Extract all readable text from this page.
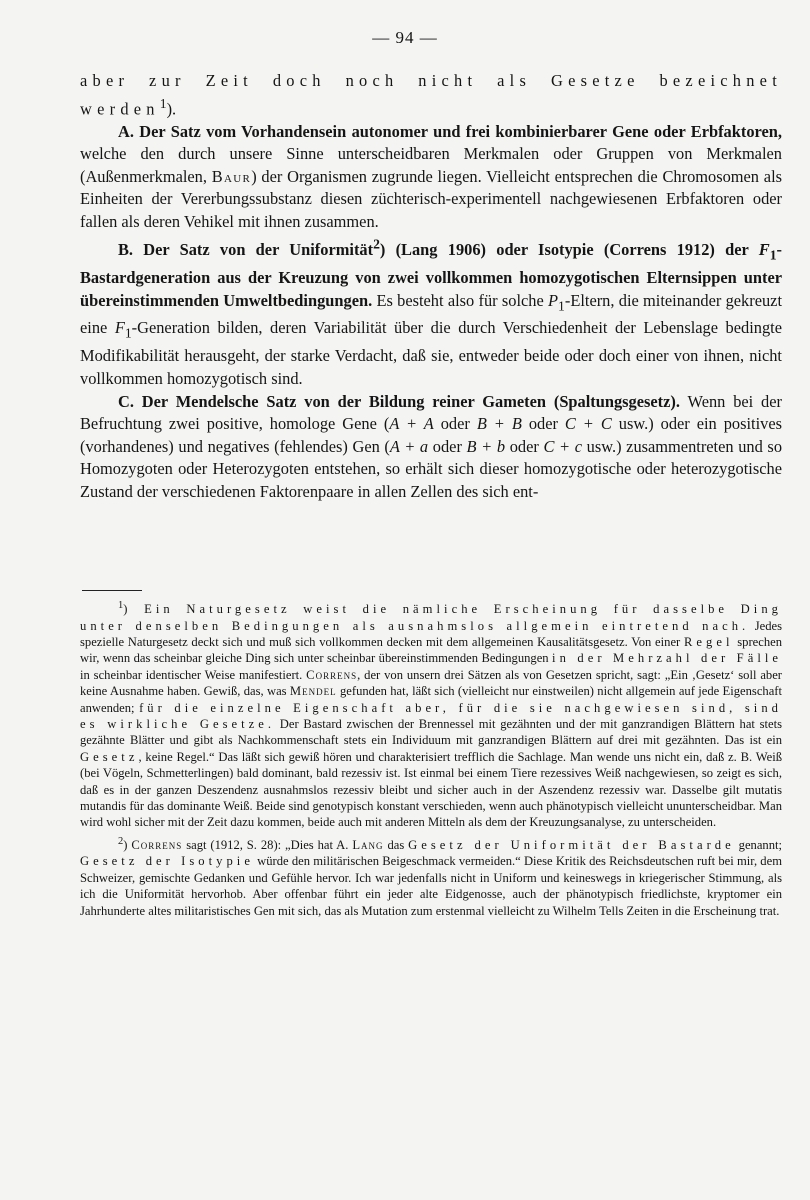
— 94 —

aber zur Zeit doch noch nicht als Gesetze bezeichnet werden$^1$).

A. Der Satz vom Vorhandensein autonomer und frei kombinierbarer Gene oder Erbfaktoren, welche den durch unsere Sinne unterscheidbaren Merkmalen oder Gruppen von Merkmalen (Außenmerkmalen, Baur) der Organismen zugrunde liegen. Vielleicht entsprechen die Chromosomen als Einheiten der Vererbungssubstanz diesen züchterisch-experimentell nachgewiesenen Erbfaktoren oder fallen als deren Vehikel mit ihnen zusammen.

B. Der Satz von der Uniformität$^2$) (Lang 1906) oder Isotypie (Correns 1912) der $F_1$-Bastardgeneration aus der Kreuzung von zwei vollkommen homozygotischen Elternsippen unter übereinstimmenden Umweltbedingungen. Es besteht also für solche $P_1$-Eltern, die miteinander gekreuzt eine $F_1$-Generation bilden, deren Variabilität über die durch Verschiedenheit der Lebenslage bedingte Modifikabilität herausgeht, der starke Verdacht, daß sie, entweder beide oder doch einer von ihnen, nicht vollkommen homozygotisch sind.

C. Der Mendelsche Satz von der Bildung reiner Gameten (Spaltungsgesetz). Wenn bei der Befruchtung zwei positive, homologe Gene (A + A oder B + B oder C + C usw.) oder ein positives (vorhandenes) und negatives (fehlendes) Gen (A + a oder B + b oder C + c usw.) zusammentreten und so Homozygoten oder Heterozygoten entstehen, so erhält sich dieser homozygotische oder heterozygotische Zustand der verschiedenen Faktorenpaare in allen Zellen des sich ent-

$^1$) Ein Naturgesetz weist die nämliche Erscheinung für dasselbe Ding unter denselben Bedingungen als ausnahmslos allgemein eintretend nach. Jedes spezielle Naturgesetz deckt sich und muß sich vollkommen decken mit dem allgemeinen Kausalitätsgesetz. Von einer Regel sprechen wir, wenn das scheinbar gleiche Ding sich unter scheinbar übereinstimmenden Bedingungen in der Mehrzahl der Fälle in scheinbar identischer Weise manifestiert. Correns, der von unsern drei Sätzen als von Gesetzen spricht, sagt: „Ein ‚Gesetz‘ soll aber keine Ausnahme haben. Gewiß, das, was Mendel gefunden hat, läßt sich (vielleicht nur einstweilen) nicht allgemein auf jede Eigenschaft anwenden; für die einzelne Eigenschaft aber, für die sie nachgewiesen sind, sind es wirkliche Gesetze. Der Bastard zwischen der Brennessel mit gezähnten und der mit ganzrandigen Blättern hat stets gezähnte Blätter und gibt als Nachkommenschaft stets ein Individuum mit ganzrandigen Blättern auf drei mit gezähnten. Das ist ein Gesetz, keine Regel.“ Das läßt sich gewiß hören und charakterisiert trefflich die Sachlage. Man wende uns nicht ein, daß z. B. Weiß (bei Vögeln, Schmetterlingen) bald dominant, bald rezessiv ist. Ist einmal bei einem Tiere rezessives Weiß nachgewiesen, so zeigt es sich, daß es in der ganzen Deszendenz ausnahmslos rezessiv bleibt und sicher auch in der Aszendenz rezessiv war. Dasselbe gilt mutatis mutandis für das dominante Weiß. Beide sind genotypisch konstant verschieden, wenn auch phänotypisch vielleicht ununterscheidbar. Man wird wohl sicher mit der Zeit dazu kommen, beide auch mit anderen Mitteln als dem der Kreuzungsanalyse, zu unterscheiden.

$^2$) Correns sagt (1912, S. 28): „Dies hat A. Lang das Gesetz der Uniformität der Bastarde genannt; Gesetz der Isotypie würde den militärischen Beigeschmack vermeiden.“ Diese Kritik des Reichsdeutschen ruft bei mir, dem Schweizer, gemischte Gedanken und Gefühle hervor. Ich war jedenfalls nicht in Uniform und keineswegs in kriegerischer Stimmung, als ich die Uniformität hervorhob. Aber offenbar führt ein jeder alte Eidgenosse, auch der phänotypisch friedlichste, kryptomer ein Jahrhunderte altes militaristisches Gen mit sich, das als Mutation zum erstenmal vielleicht zu Wilhelm Tells Zeiten in die Erscheinung trat.
